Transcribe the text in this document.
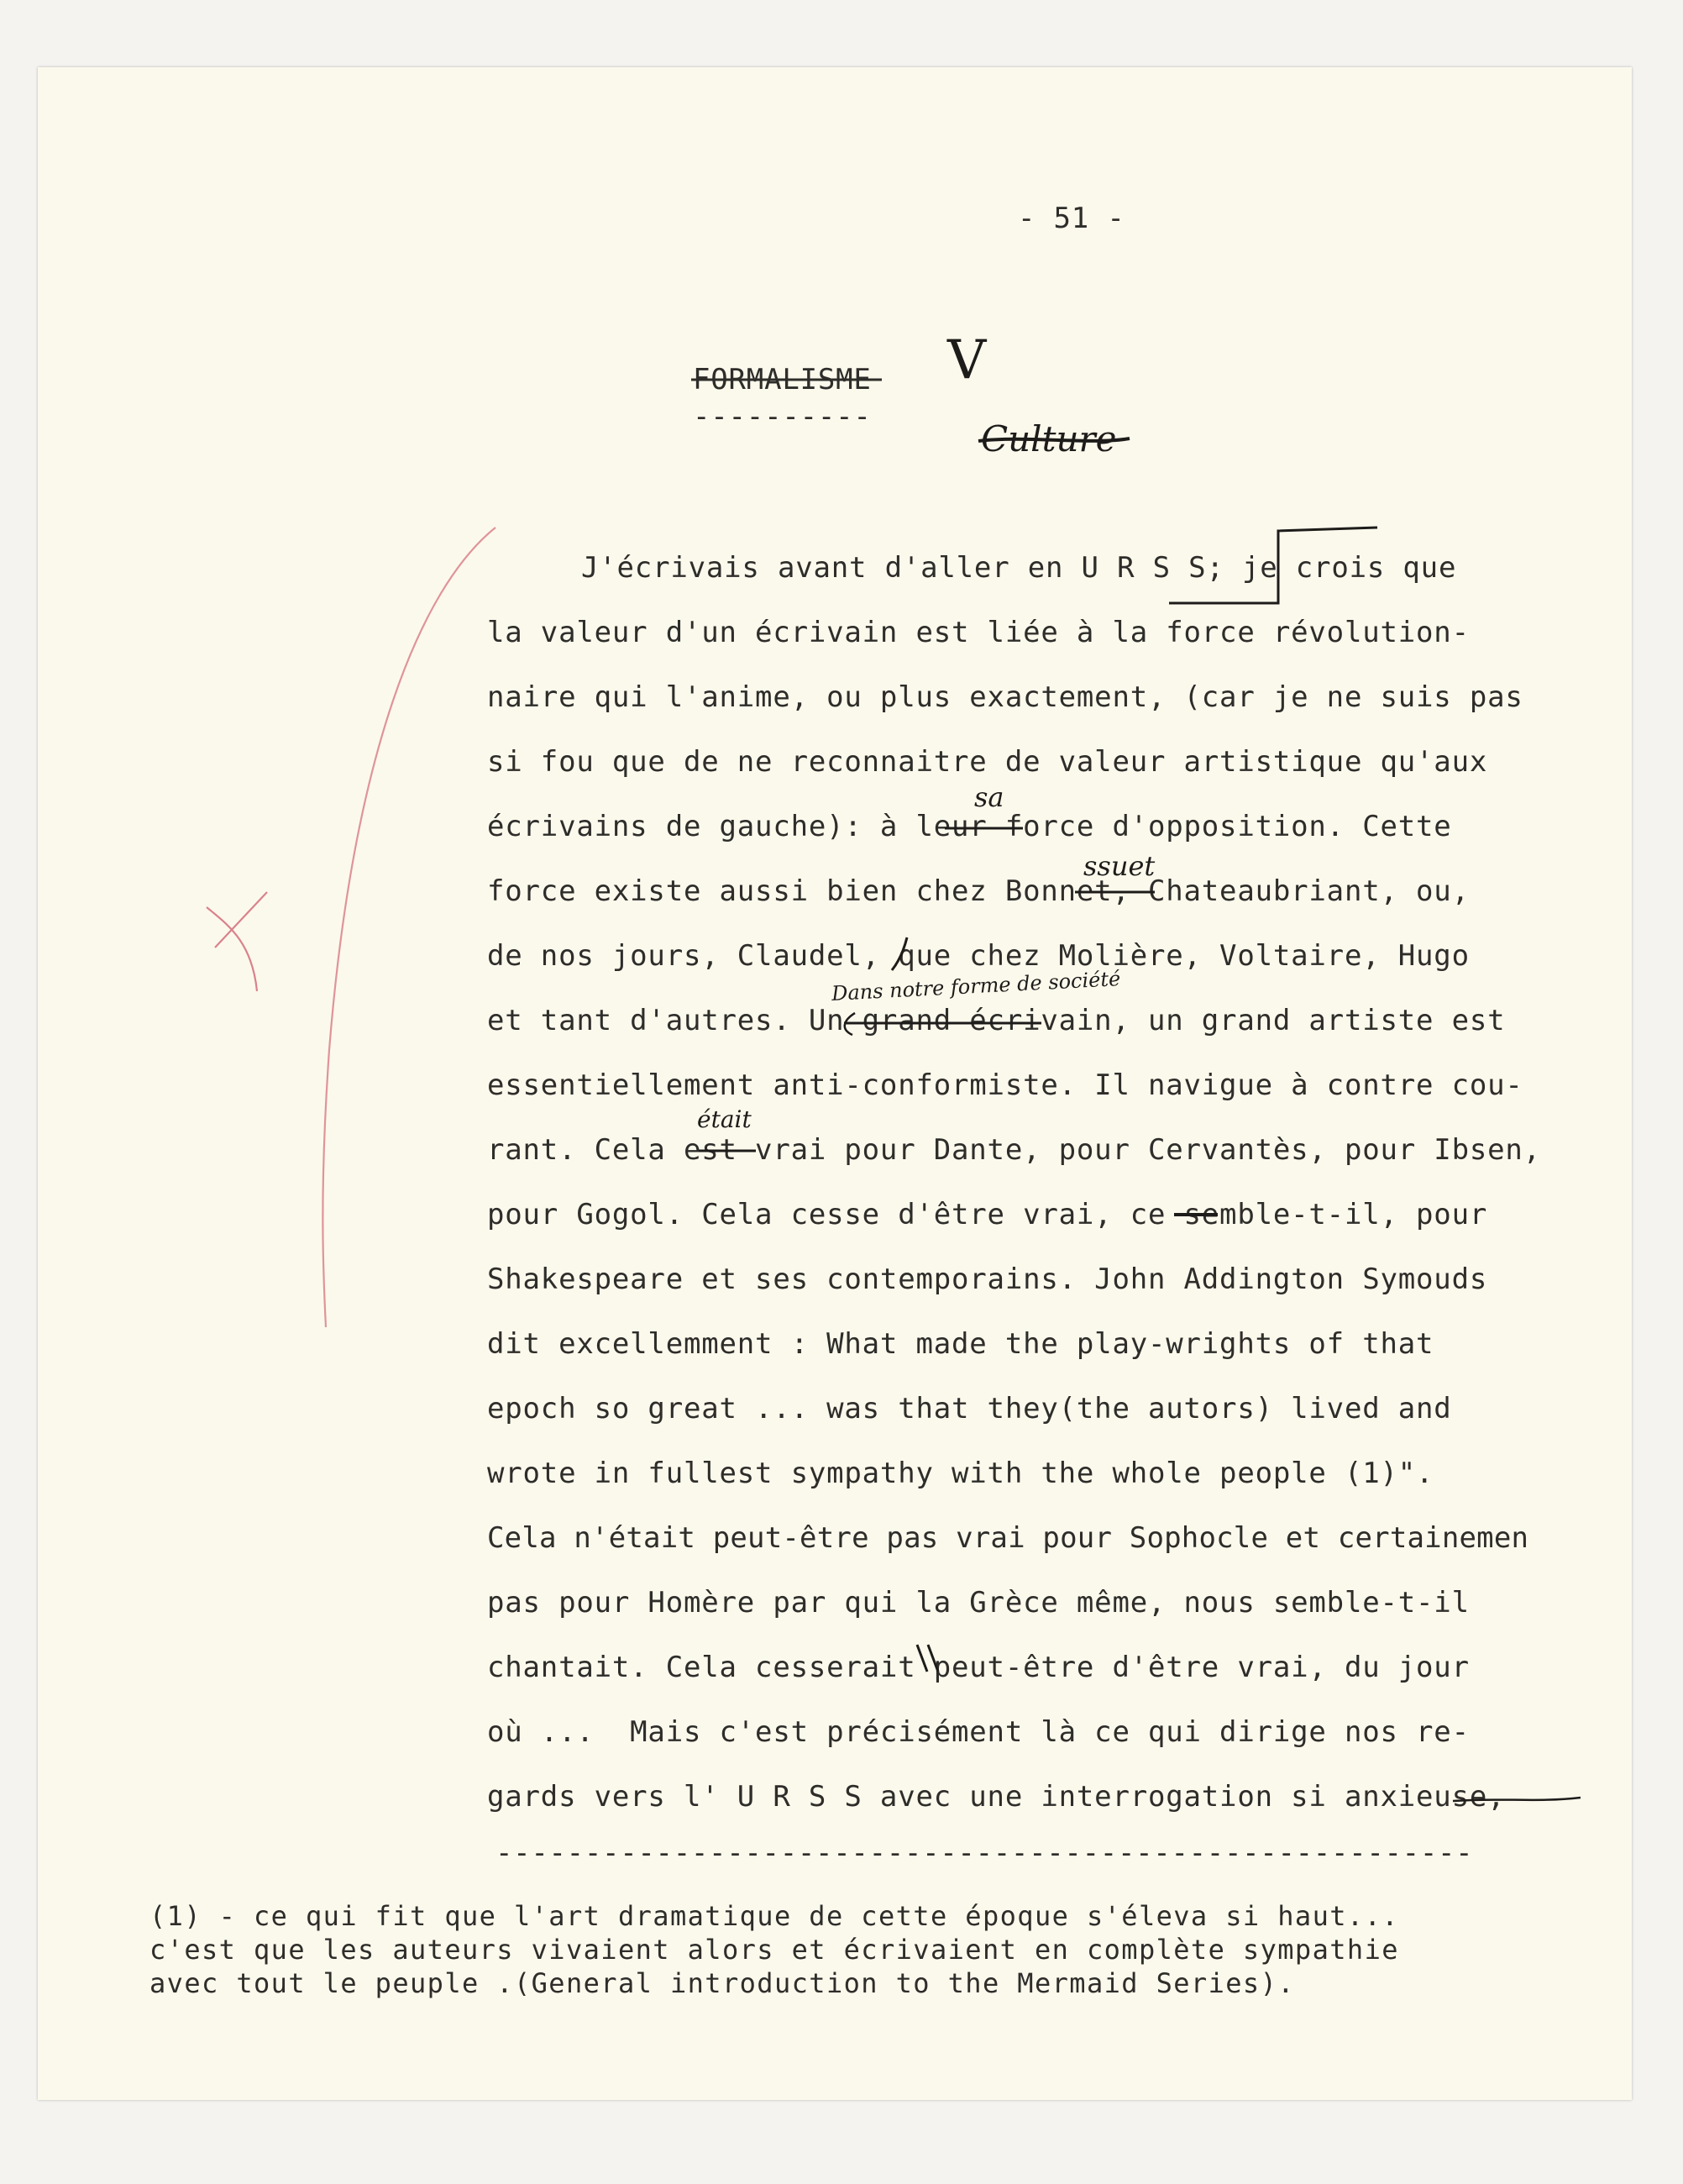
- 51 -
FORMALISME
----------
V
Culture
J'écrivais avant d'aller en U R S S; je crois que
la valeur d'un écrivain est liée à la force révolution-
naire qui l'anime, ou plus exactement, (car je ne suis pas
si fou que de ne reconnaitre de valeur artistique qu'aux
écrivains de gauche): à leur force d'opposition. Cette
force existe aussi bien chez Bonnet, Chateaubriant, ou,
de nos jours, Claudel, que chez Molière, Voltaire, Hugo
et tant d'autres. Un grand écrivain, un grand artiste est
essentiellement anti-conformiste. Il navigue à contre cou-
rant. Cela est vrai pour Dante, pour Cervantès, pour Ibsen,
pour Gogol. Cela cesse d'être vrai, ce semble-t-il, pour
Shakespeare et ses contemporains. John Addington Symouds
dit excellemment : What made the play-wrights of that
epoch so great ... was that they(the autors) lived and
wrote in fullest sympathy with the whole people (1)".
Cela n'était peut-être pas vrai pour Sophocle et certainemen
pas pour Homère par qui la Grèce même, nous semble-t-il
chantait. Cela cesserait peut-être d'être vrai, du jour
où ...  Mais c'est précisément là ce qui dirige nos re-
gards vers l' U R S S avec une interrogation si anxieuse,
sa
ssuet
Dans notre forme de société
était
-------------------------------------------------------
(1) - ce qui fit que l'art dramatique de cette époque s'éleva si haut...
c'est que les auteurs vivaient alors et écrivaient en complète sympathie
avec tout le peuple .(General introduction to the Mermaid Series).
